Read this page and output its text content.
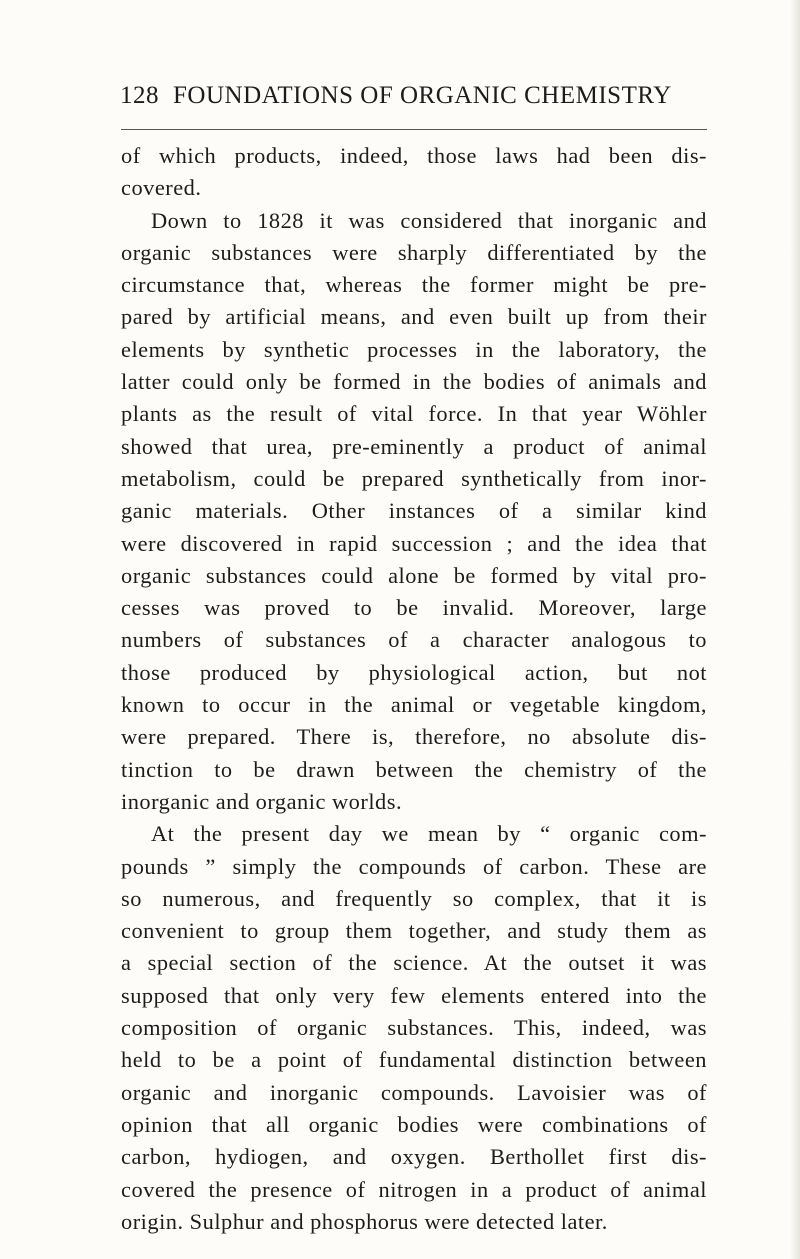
128 FOUNDATIONS OF ORGANIC CHEMISTRY
of which products, indeed, those laws had been dis-
covered.
Down to 1828 it was considered that inorganic and
organic substances were sharply differentiated by the
circumstance that, whereas the former might be pre-
pared by artificial means, and even built up from their
elements by synthetic processes in the laboratory, the
latter could only be formed in the bodies of animals and
plants as the result of vital force. In that year Wöhler
showed that urea, pre-eminently a product of animal
metabolism, could be prepared synthetically from inor-
ganic materials. Other instances of a similar kind
were discovered in rapid succession ; and the idea that
organic substances could alone be formed by vital pro-
cesses was proved to be invalid. Moreover, large
numbers of substances of a character analogous to
those produced by physiological action, but not
known to occur in the animal or vegetable kingdom,
were prepared. There is, therefore, no absolute dis-
tinction to be drawn between the chemistry of the
inorganic and organic worlds.
At the present day we mean by “ organic com-
pounds ” simply the compounds of carbon. These are
so numerous, and frequently so complex, that it is
convenient to group them together, and study them as
a special section of the science. At the outset it was
supposed that only very few elements entered into the
composition of organic substances. This, indeed, was
held to be a point of fundamental distinction between
organic and inorganic compounds. Lavoisier was of
opinion that all organic bodies were combinations of
carbon, hydiogen, and oxygen. Berthollet first dis-
covered the presence of nitrogen in a product of animal
origin. Sulphur and phosphorus were detected later.
